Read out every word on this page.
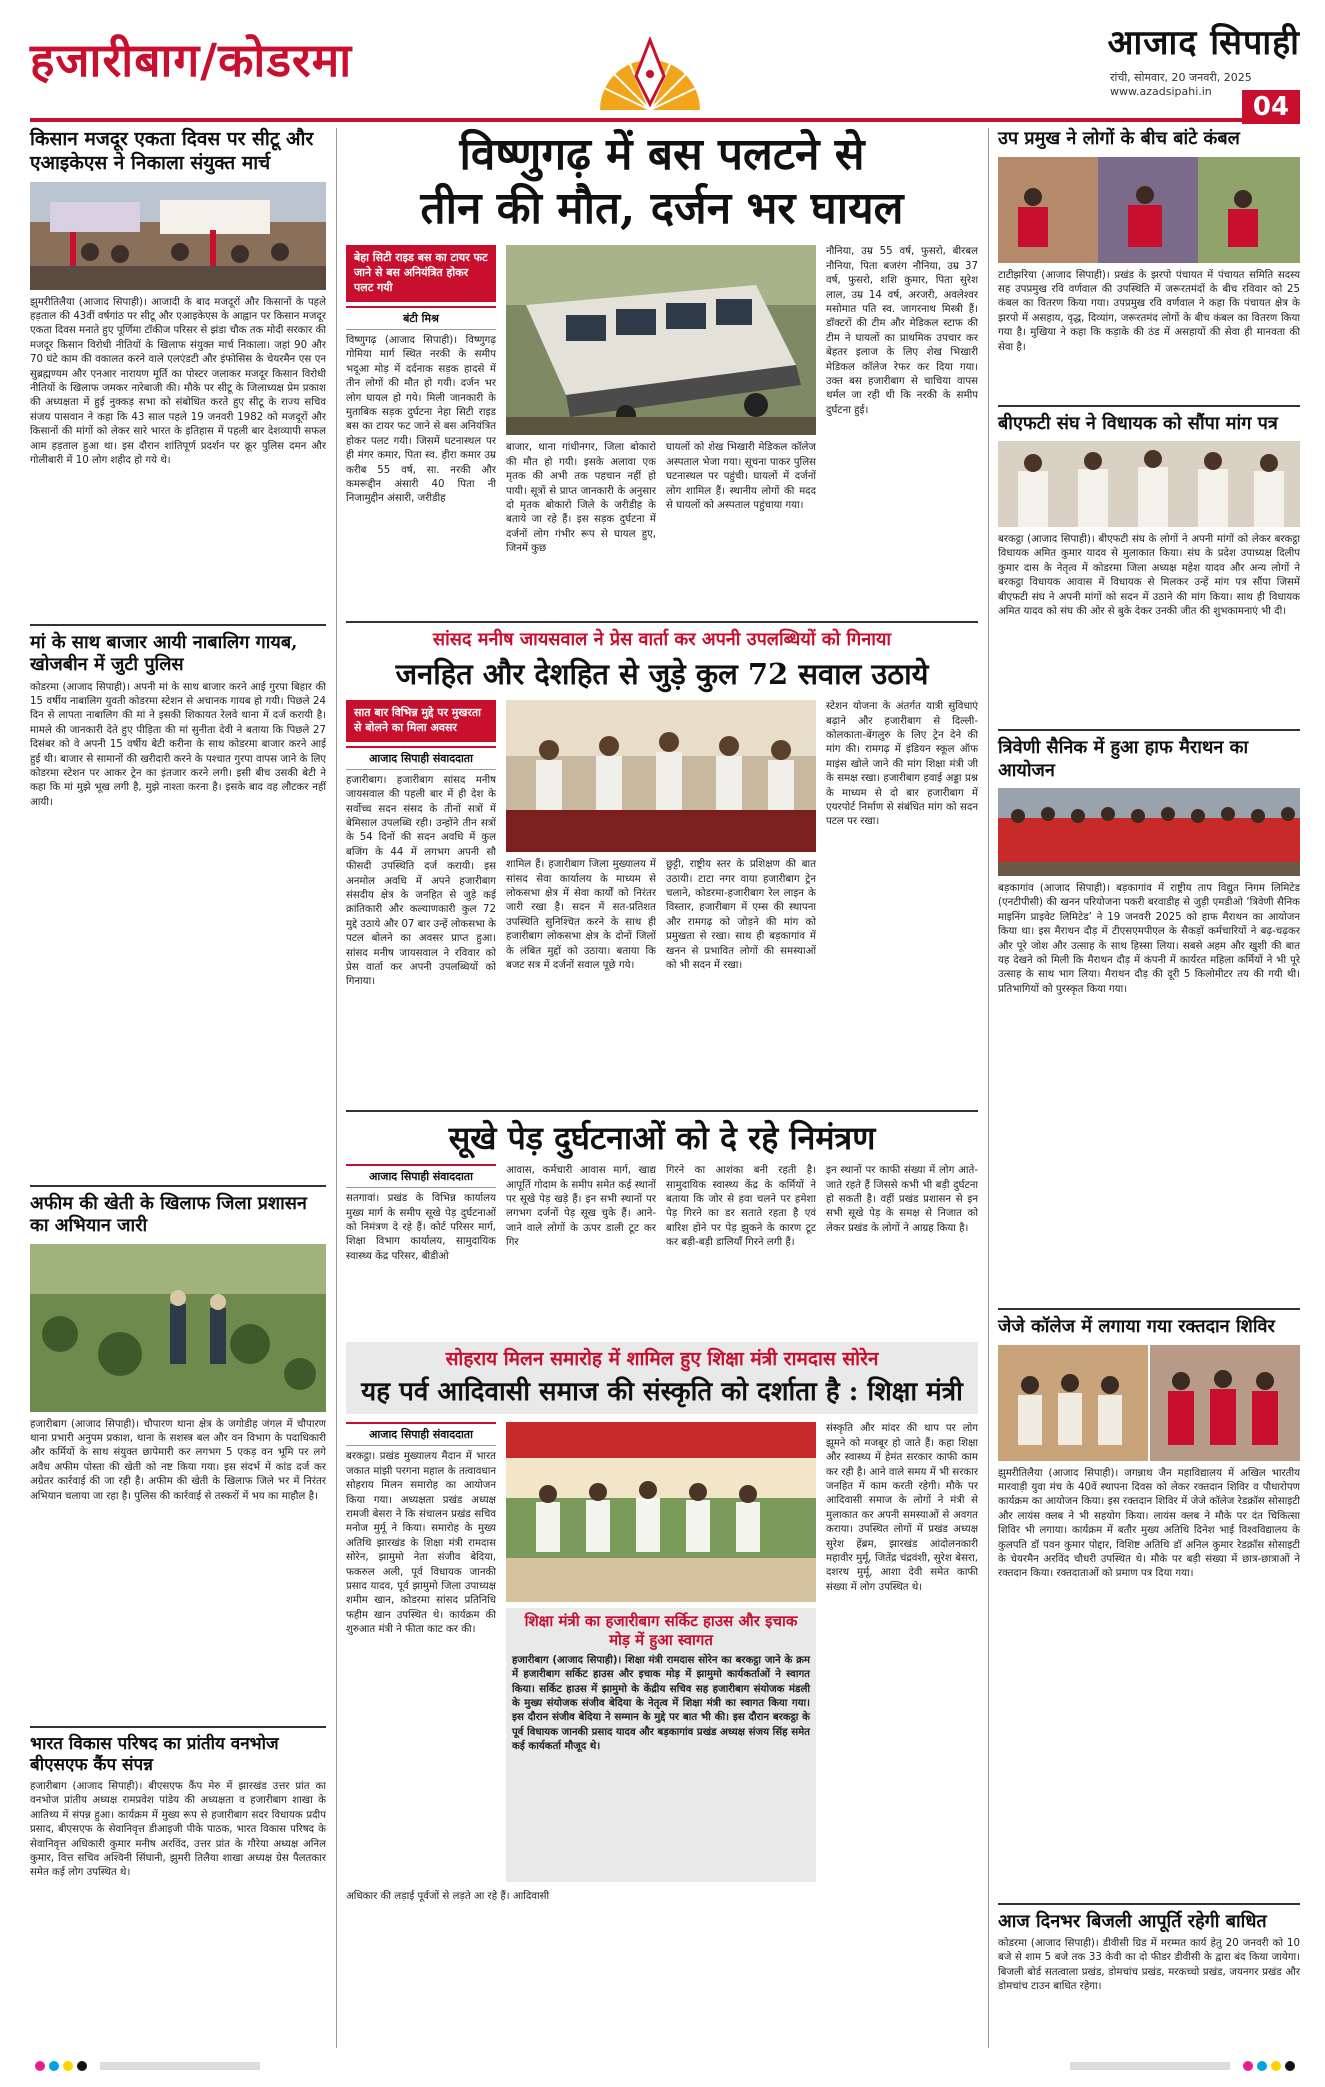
हजारीबाग/कोडरमा	आजाद सिपाही
रांची, सोमवार, 20 जनवरी, 2025
www.azadsipahi.in
04
किसान मजदूर एकता दिवस पर सीटू और एआइकेएस ने निकाला संयुक्त मार्च
झुमरीतिलैया (आजाद सिपाही)। आजादी के बाद मजदूरों और किसानों के पहले हड़ताल की 43वीं वर्षगांठ पर सीटू और एआइकेएस के आह्वान पर किसान मजदूर एकता दिवस मनाते हुए पूर्णिमा टॉकीज परिसर से झंडा चौक तक मोदी सरकार की मजदूर किसान विरोधी नीतियों के खिलाफ संयुक्त मार्च निकाला। जहां 90 और 70 घंटे काम की वकालत करने वाले एलएंडटी और इंफोसिस के चेयरमैन एस एन सुब्रह्मण्यम और एनआर नारायण मूर्ति का पोस्टर जलाकर मजदूर किसान विरोधी नीतियों के खिलाफ जमकर नारेबाजी की। मौके पर सीटू के जिलाध्यक्ष प्रेम प्रकाश की अध्यक्षता में हुई नुक्कड़ सभा को संबोधित करते हुए सीटू के राज्य सचिव संजय पासवान ने कहा कि 43 साल पहले 19 जनवरी 1982 को मजदूरों और किसानों की मांगों को लेकर सारे भारत के इतिहास में पहली बार देशव्यापी सफल आम हड़ताल हुआ था। इस दौरान शांतिपूर्ण प्रदर्शन पर क्रूर पुलिस दमन और गोलीबारी में 10 लोग शहीद हो गये थे।
मां के साथ बाजार आयी नाबालिग गायब, खोजबीन में जुटी पुलिस
कोडरमा (आजाद सिपाही)। अपनी मां के साथ बाजार करने आई गुरपा बिहार की 15 वर्षीय नाबालिग युवती कोडरमा स्टेशन से अचानक गायब हो गयी। पिछले 24 दिन से लापता नाबालिग की मां ने इसकी शिकायत रेलवे थाना में दर्ज करायी है। मामले की जानकारी देते हुए पीड़िता की मां सुनीता देवी ने बताया कि पिछले 27 दिसंबर को वे अपनी 15 वर्षीय बेटी करीना के साथ कोडरमा बाजार करने आई हुई थी। बाजार से सामानों की खरीदारी करने के पश्चात गुरपा वापस जाने के लिए कोडरमा स्टेशन पर आकर ट्रेन का इंतजार करने लगी। इसी बीच उसकी बेटी ने कहा कि मां मुझे भूख लगी है, मुझे नाश्ता करना है। इसके बाद वह लौटकर नहीं आयी।
अफीम की खेती के खिलाफ जिला प्रशासन का अभियान जारी
हजारीबाग (आजाद सिपाही)। चौपारण थाना क्षेत्र के जगोडीह जंगल में चौपारण थाना प्रभारी अनुपम प्रकाश, थाना के सशस्त्र बल और वन विभाग के पदाधिकारी और कर्मियों के साथ संयुक्त छापेमारी कर लगभग 5 एकड़ वन भूमि पर लगे अवैध अफीम पोस्ता की खेती को नष्ट किया गया। इस संदर्भ में कांड दर्ज कर अग्रेतर कार्रवाई की जा रही है। अफीम की खेती के खिलाफ जिले भर में निरंतर अभियान चलाया जा रहा है। पुलिस की कार्रवाई से तस्करों में भय का माहौल है।
भारत विकास परिषद का प्रांतीय वनभोज
बीएसएफ कैंप संपन्न
हजारीबाग (आजाद सिपाही)। बीएसएफ कैंप मेरु में झारखंड उत्तर प्रांत का वनभोज प्रांतीय अध्यक्ष रामप्रवेश पांडेय की अध्यक्षता व हजारीबाग शाखा के आतिथ्य में संपन्न हुआ। कार्यक्रम में मुख्य रूप से हजारीबाग सदर विधायक प्रदीप प्रसाद, बीएसएफ के सेवानिवृत्त डीआइजी पीके पाठक, भारत विकास परिषद के सेवानिवृत्त अधिकारी कुमार मनीष अरविंद, उत्तर प्रांत के गौरेया अध्यक्ष अनिल कुमार, वित्त सचिव अश्विनी सिंघानी, झुमरी तिलैया शाखा अध्यक्ष ग्रेस पैलतकार समेत कई लोग उपस्थित थे।
विष्णुगढ़ में बस पलटने से
तीन की मौत, दर्जन भर घायल
बेहा सिटी राइड बस का टायर फट जाने से बस अनियंत्रित होकर पलट गयी
बंटी मिश्र
विष्णुगढ़ (आजाद सिपाही)। विष्णुगढ़ गोमिया मार्ग स्थित नरकी के समीप भदूआ मोड़ में दर्दनाक सड़क हादसे में तीन लोगों की मौत हो गयी। दर्जन भर लोग घायल हो गये। मिली जानकारी के मुताबिक सड़क दुर्घटना नेहा सिटी राइड बस का टायर फट जाने से बस अनियंत्रित होकर पलट गयी। जिसमें घटनास्थल पर ही मंगर कमार, पिता स्व. हीरा कमार उम्र करीब 55 वर्ष, सा. नरकी और कमरूद्दीन अंसारी 40 पिता नी निजामुद्दीन अंसारी, जरीडीह
बाजार, थाना गांधीनगर, जिला बोकारो की मौत हो गयी। इसके अलावा एक मृतक की अभी तक पहचान नहीं हो पायी। सूत्रों से प्राप्त जानकारी के अनुसार दो मृतक बोकारो जिले के जरीडीह के बताये जा रहे हैं। इस सड़क दुर्घटना में दर्जनों लोग गंभीर रूप से घायल हुए, जिनमें कुछ
घायलों को शेख भिखारी मेडिकल कॉलेज अस्पताल भेजा गया। सूचना पाकर पुलिस घटनास्थल पर पहुंची। घायलों में दर्जनों लोग शामिल हैं। स्थानीय लोगों की मदद से घायलों को अस्पताल पहुंचाया गया।
नौनिया, उम्र 55 वर्ष, फुसरो, बीरबल नौनिया, पिता बजरंग नौनिया, उम्र 37 वर्ष, फुसरो, शशि कुमार, पिता सुरेश लाल, उम्र 14 वर्ष, अरजरी, अवलेश्वर मसोमात पति स्व. जागरनाथ मिस्त्री हैं। डॉक्टरों की टीम और मेडिकल स्टाफ की टीम ने घायलों का प्राथमिक उपचार कर बेहतर इलाज के लिए शेख भिखारी मेडिकल कॉलेज रेफर कर दिया गया। उक्त बस हजारीबाग से चाचिया वापस थर्मल जा रही थी कि नरकी के समीप दुर्घटना हुई।
सांसद मनीष जायसवाल ने प्रेस वार्ता कर अपनी उपलब्धियों को गिनाया
जनहित और देशहित से जुड़े कुल 72 सवाल उठाये
सात बार विभिन्न मुद्दे पर मुखरता से बोलने का मिला अवसर
आजाद सिपाही संवाददाता
हजारीबाग। हजारीबाग सांसद मनीष जायसवाल की पहली बार में ही देश के सर्वोच्च सदन संसद के तीनों सत्रों में बेमिसाल उपलब्धि रही। उन्होंने तीन सत्रों के 54 दिनों की सदन अवधि में कुल बजिंग के 44 में लगभग अपनी सौ फीसदी उपस्थिति दर्ज करायी। इस अनमोल अवधि में अपने हजारीबाग संसदीय क्षेत्र के जनहित से जुड़े कई क्रांतिकारी और कल्याणकारी कुल 72 मुद्दे उठाये और 07 बार उन्हें लोकसभा के पटल बोलने का अवसर प्राप्त हुआ। सांसद मनीष जायसवाल ने रविवार को प्रेस वार्ता कर अपनी उपलब्धियों को गिनाया।
शामिल हैं। हजारीबाग जिला मुख्यालय में सांसद सेवा कार्यालय के माध्यम से लोकसभा क्षेत्र में सेवा कार्यों को निरंतर जारी रखा है। सदन में सत-प्रतिशत उपस्थिति सुनिश्चित करने के साथ ही हजारीबाग लोकसभा क्षेत्र के दोनों जिलों के लंबित मुद्दों को उठाया। बताया कि बजट सत्र में दर्जनों सवाल पूछे गये।
छुट्टी, राष्ट्रीय स्तर के प्रशिक्षण की बात उठायी। टाटा नगर वाया हजारीबाग ट्रेन चलाने, कोडरमा-हजारीबाग रेल लाइन के विस्तार, हजारीबाग में एम्स की स्थापना और रामगढ़ को जोड़ने की मांग को प्रमुखता से रखा। साथ ही बड़कागांव में खनन से प्रभावित लोगों की समस्याओं को भी सदन में रखा।
स्टेशन योजना के अंतर्गत यात्री सुविधाएं बढ़ाने और हजारीबाग से दिल्ली-कोलकाता-बेंगलुरु के लिए ट्रेन देने की मांग की। रामगढ़ में इंडियन स्कूल ऑफ माइंस खोले जाने की मांग शिक्षा मंत्री जी के समक्ष रखा। हजारीबाग हवाई अड्डा प्रश्न के माध्यम से दो बार हजारीबाग में एयरपोर्ट निर्माण से संबंधित मांग को सदन पटल पर रखा।
सूखे पेड़ दुर्घटनाओं को दे रहे निमंत्रण
आजाद सिपाही संवाददाता
सतगावां। प्रखंड के विभिन्न कार्यालय मुख्य मार्ग के समीप सूखे पेड़ दुर्घटनाओं को निमंत्रण दे रहे हैं। कोर्ट परिसर मार्ग, शिक्षा विभाग कार्यालय, सामुदायिक स्वास्थ्य केंद्र परिसर, बीडीओ
आवास, कर्मचारी आवास मार्ग, खाद्य आपूर्ति गोदाम के समीप समेत कई स्थानों पर सूखे पेड़ खड़े हैं। इन सभी स्थानों पर लगभग दर्जनों पेड़ सूख चुके हैं। आने-जाने वाले लोगों के ऊपर डाली टूट कर गिर
गिरने का आशंका बनी रहती है। सामुदायिक स्वास्थ्य केंद्र के कर्मियों ने बताया कि जोर से हवा चलने पर हमेशा पेड़ गिरने का डर सताते रहता है एवं बारिश होने पर पेड़ झुकने के कारण टूट कर बड़ी-बड़ी डालियाँ गिरने लगी हैं।
इन स्थानों पर काफी संख्या में लोग आते-जाते रहते हैं जिससे कभी भी बड़ी दुर्घटना हो सकती है। वहीं प्रखंड प्रशासन से इन सभी सूखे पेड़ के समक्ष से निजात को लेकर प्रखंड के लोगों ने आग्रह किया है।
सोहराय मिलन समारोह में शामिल हुए शिक्षा मंत्री रामदास सोरेन
यह पर्व आदिवासी समाज की संस्कृति को दर्शाता है : शिक्षा मंत्री
आजाद सिपाही संवाददाता
बरकट्ठा। प्रखंड मुख्यालय मैदान में भारत जकात मांझी परगना महाल के तत्वावधान सोहराय मिलन समारोह का आयोजन किया गया। अध्यक्षता प्रखंड अध्यक्ष रामजी बेसरा ने कि संचालन प्रखंड सचिव मनोज मुर्मू ने किया। समारोह के मुख्य अतिथि झारखंड के शिक्षा मंत्री रामदास सोरेन, झामुमो नेता संजीव बेदिया, फकरुल अली, पूर्व विधायक जानकी प्रसाद यादव, पूर्व झामुमो जिला उपाध्यक्ष शमीम खान, कोडरमा सांसद प्रतिनिधि फहीम खान उपस्थित थे। कार्यक्रम की शुरुआत मंत्री ने फीता काट कर की।	शिक्षा मंत्री का हजारीबाग सर्किट हाउस और इचाक मोड़ में हुआ स्वागत
हजारीबाग (आजाद सिपाही)। शिक्षा मंत्री रामदास सोरेन का बरकट्ठा जाने के क्रम में हजारीबाग सर्किट हाउस और इचाक मोड़ में झामुमो कार्यकर्ताओं ने स्वागत किया। सर्किट हाउस में झामुमो के केंद्रीय सचिव सह हजारीबाग संयोजक मंडली के मुख्य संयोजक संजीव बेदिया के नेतृत्व में शिक्षा मंत्री का स्वागत किया गया। इस दौरान संजीव बेदिया ने सम्मान के मुद्दे पर बात भी की। इस दौरान बरकट्ठा के पूर्व विधायक जानकी प्रसाद यादव और बड़कागांव प्रखंड अध्यक्ष संजय सिंह समेत कई कार्यकर्ता मौजूद थे।
संस्कृति और मांदर की थाप पर लोग झूमने को मजबूर हो जाते हैं। कहा शिक्षा और स्वास्थ्य में हेमंत सरकार काफी काम कर रही है। आने वाले समय में भी सरकार जनहित में काम करती रहेगी। मौके पर आदिवासी समाज के लोगों ने मंत्री से मुलाकात कर अपनी समस्याओं से अवगत कराया। उपस्थित लोगों में प्रखंड अध्यक्ष सुरेश हेंब्रम, झारखंड आंदोलनकारी महावीर मुर्मू, जितेंद्र चंद्रवंशी, सुरेश बेसरा, दशरथ मुर्मू, आशा देवी समेत काफी संख्या में लोग उपस्थित थे।
अधिकार की लड़ाई पूर्वजों से लड़ते आ रहे हैं। आदिवासी
उप प्रमुख ने लोगों के बीच बांटे कंबल
टाटीझरिया (आजाद सिपाही)। प्रखंड के झरपो पंचायत में पंचायत समिति सदस्य सह उपप्रमुख रवि वर्णवाल की उपस्थिति में जरूरतमंदों के बीच रविवार को 25 कंबल का वितरण किया गया। उपप्रमुख रवि वर्णवाल ने कहा कि पंचायत क्षेत्र के झरपो में असहाय, वृद्ध, दिव्यांग, जरूरतमंद लोगों के बीच कंबल का वितरण किया गया है। मुखिया ने कहा कि कड़ाके की ठंड में असहायों की सेवा ही मानवता की सेवा है।
बीएफटी संघ ने विधायक को सौंपा मांग पत्र
बरकट्ठा (आजाद सिपाही)। बीएफटी संघ के लोगों ने अपनी मांगों को लेकर बरकट्ठा विधायक अमित कुमार यादव से मुलाकात किया। संघ के प्रदेश उपाध्यक्ष दिलीप कुमार दास के नेतृत्व में कोडरमा जिला अध्यक्ष महेश यादव और अन्य लोगों ने बरकट्ठा विधायक आवास में विधायक से मिलकर उन्हें मांग पत्र सौंपा जिसमें बीएफटी संघ ने अपनी मांगों को सदन में उठाने की मांग किया। साथ ही विधायक अमित यादव को संघ की ओर से बुके देकर उनकी जीत की शुभकामनाएं भी दी।
त्रिवेणी सैनिक में हुआ हाफ मैराथन का आयोजन
बड़कागांव (आजाद सिपाही)। बड़कागांव में राष्ट्रीय ताप विद्युत निगम लिमिटेड (एनटीपीसी) की खनन परियोजना पकरी बरवाडीह से जुड़ी एमडीओ ‘त्रिवेणी सैनिक माइनिंग प्राइवेट लिमिटेड’ ने 19 जनवरी 2025 को हाफ मैराथन का आयोजन किया था। इस मैराथन दौड़ में टीएसएमपीएल के सैकड़ों कर्मचारियों ने बढ़-चढ़कर और पूरे जोश और उत्साह के साथ हिस्सा लिया। सबसे अहम और खुशी की बात यह देखने को मिली कि मैराथन दौड़ में कंपनी में कार्यरत महिला कर्मियों ने भी पूरे उत्साह के साथ भाग लिया। मैराथन दौड़ की दूरी 5 किलोमीटर तय की गयी थी। प्रतिभागियों को पुरस्कृत किया गया।
जेजे कॉलेज में लगाया गया रक्तदान शिविर
झुमरीतिलैया (आजाद सिपाही)। जगन्नाथ जैन महाविद्यालय में अखिल भारतीय मारवाड़ी युवा मंच के 40वें स्थापना दिवस को लेकर रक्तदान शिविर व पौधारोपण कार्यक्रम का आयोजन किया। इस रक्तदान शिविर में जेजे कॉलेज रेडक्रॉस सोसाइटी और लायंस क्लब ने भी सहयोग किया। लायंस क्लब ने मौके पर दंत चिकित्सा शिविर भी लगाया। कार्यक्रम में बतौर मुख्य अतिथि दिनेश भाई विश्वविद्यालय के कुलपति डॉ पवन कुमार पोद्दार, विशिष्ट अतिथि डॉ अनिल कुमार रेडक्रॉस सोसाइटी के चेयरमैन अरविंद चौधरी उपस्थित थे। मौके पर बड़ी संख्या में छात्र-छात्राओं ने रक्तदान किया। रक्तदाताओं को प्रमाण पत्र दिया गया।
आज दिनभर बिजली आपूर्ति रहेगी बाधित
कोडरमा (आजाद सिपाही)। डीवीसी ग्रिड में मरम्मत कार्य हेतु 20 जनवरी को 10 बजे से शाम 5 बजे तक 33 केवी का दो फीडर डीवीसी के द्वारा बंद किया जायेगा। बिजली बोर्ड सतत्वाला प्रखंड, डोमचांच प्रखंड, मरकच्चो प्रखंड, जयनगर प्रखंड और डोमचांच टाउन बाधित रहेगा।
